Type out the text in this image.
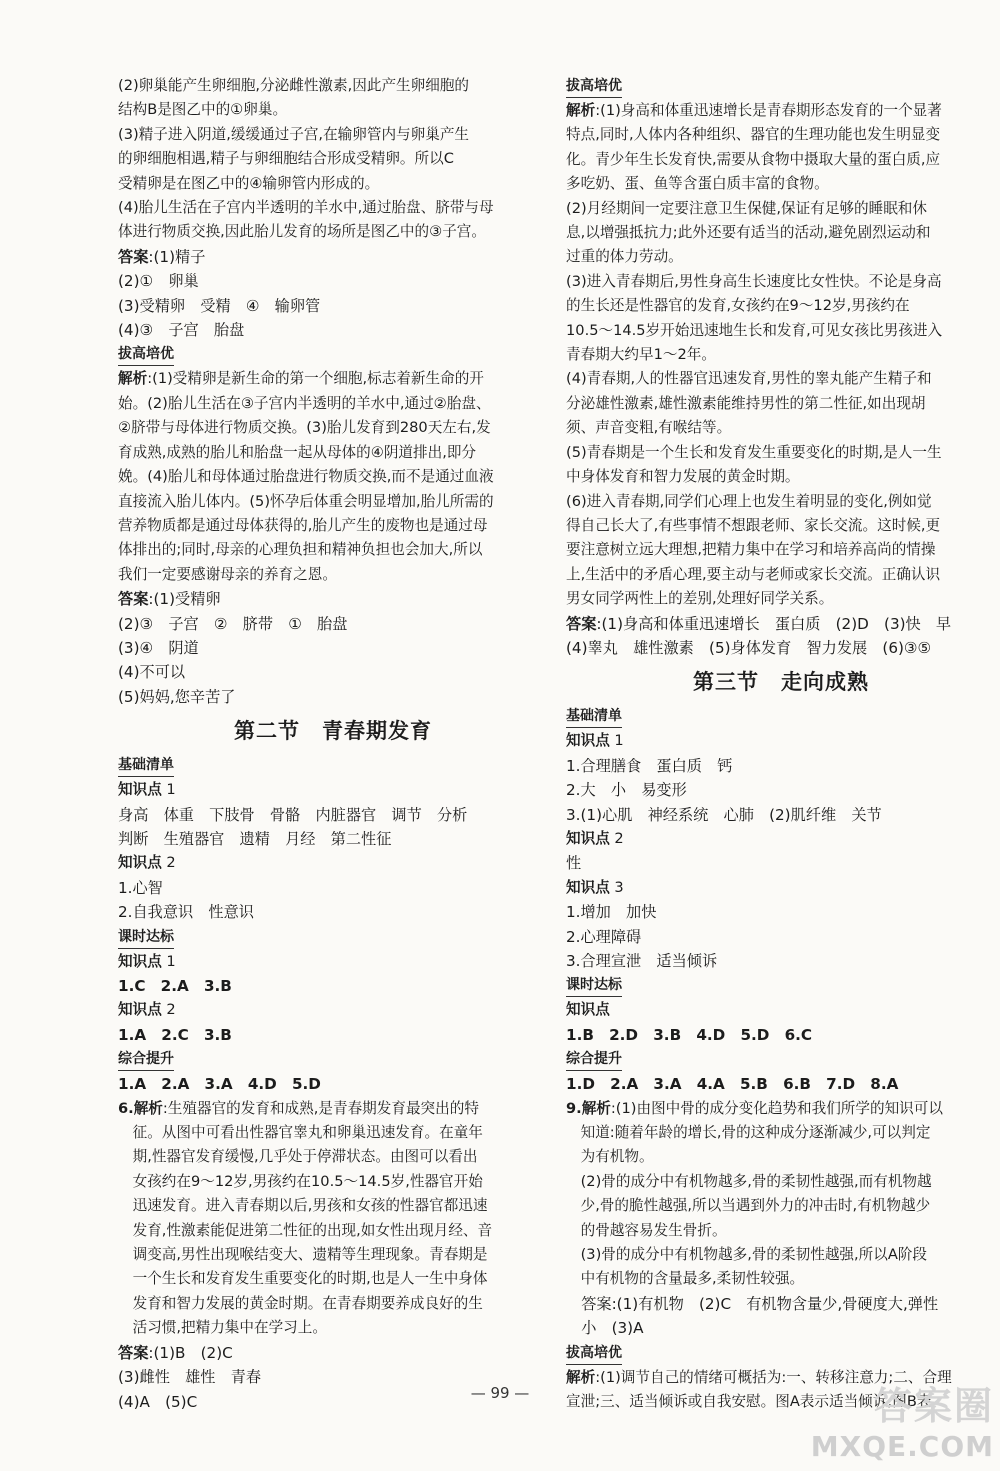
(2)卵巢能产生卵细胞,分泌雌性激素,因此产生卵细胞的
结构B是图乙中的①卵巢。
(3)精子进入阴道,缓缓通过子宫,在输卵管内与卵巢产生
的卵细胞相遇,精子与卵细胞结合形成受精卵。所以C
受精卵是在图乙中的④输卵管内形成的。
(4)胎儿生活在子宫内半透明的羊水中,通过胎盘、脐带与母
体进行物质交换,因此胎儿发育的场所是图乙中的③子宫。
答案:(1)精子
(2)①　卵巢
(3)受精卵　受精　④　输卵管
(4)③　子宫　胎盘
拔高培优
解析:(1)受精卵是新生命的第一个细胞,标志着新生命的开
始。(2)胎儿生活在③子宫内半透明的羊水中,通过②胎盘、
②脐带与母体进行物质交换。(3)胎儿发育到280天左右,发
育成熟,成熟的胎儿和胎盘一起从母体的④阴道排出,即分
娩。(4)胎儿和母体通过胎盘进行物质交换,而不是通过血液
直接流入胎儿体内。(5)怀孕后体重会明显增加,胎儿所需的
营养物质都是通过母体获得的,胎儿产生的废物也是通过母
体排出的;同时,母亲的心理负担和精神负担也会加大,所以
我们一定要感谢母亲的养育之恩。
答案:(1)受精卵
(2)③　子宫　②　脐带　①　胎盘
(3)④　阴道
(4)不可以
(5)妈妈,您辛苦了
第二节　青春期发育
基础清单
知识点 1
身高　体重　下肢骨　骨骼　内脏器官　调节　分析
判断　生殖器官　遗精　月经　第二性征
知识点 2
1.心智
2.自我意识　性意识
课时达标
知识点 1
1.C　2.A　3.B
知识点 2
1.A　2.C　3.B
综合提升
1.A　2.A　3.A　4.D　5.D
6.解析:生殖器官的发育和成熟,是青春期发育最突出的特
　征。从图中可看出性器官睾丸和卵巢迅速发育。在童年
　期,性器官发育缓慢,几乎处于停滞状态。由图可以看出
　女孩约在9～12岁,男孩约在10.5～14.5岁,性器官开始
　迅速发育。进入青春期以后,男孩和女孩的性器官都迅速
　发育,性激素能促进第二性征的出现,如女性出现月经、音
　调变高,男性出现喉结变大、遗精等生理现象。青春期是
　一个生长和发育发生重要变化的时期,也是人一生中身体
　发育和智力发展的黄金时期。在青春期要养成良好的生
　活习惯,把精力集中在学习上。
答案:(1)B　(2)C
(3)雌性　雄性　青春
(4)A　(5)C
拔高培优
解析:(1)身高和体重迅速增长是青春期形态发育的一个显著
特点,同时,人体内各种组织、器官的生理功能也发生明显变
化。青少年生长发育快,需要从食物中摄取大量的蛋白质,应
多吃奶、蛋、鱼等含蛋白质丰富的食物。
(2)月经期间一定要注意卫生保健,保证有足够的睡眠和休
息,以增强抵抗力;此外还要有适当的活动,避免剧烈运动和
过重的体力劳动。
(3)进入青春期后,男性身高生长速度比女性快。不论是身高
的生长还是性器官的发育,女孩约在9～12岁,男孩约在
10.5～14.5岁开始迅速地生长和发育,可见女孩比男孩进入
青春期大约早1～2年。
(4)青春期,人的性器官迅速发育,男性的睾丸能产生精子和
分泌雄性激素,雄性激素能维持男性的第二性征,如出现胡
须、声音变粗,有喉结等。
(5)青春期是一个生长和发育发生重要变化的时期,是人一生
中身体发育和智力发展的黄金时期。
(6)进入青春期,同学们心理上也发生着明显的变化,例如觉
得自己长大了,有些事情不想跟老师、家长交流。这时候,更
要注意树立远大理想,把精力集中在学习和培养高尚的情操
上,生活中的矛盾心理,要主动与老师或家长交流。正确认识
男女同学两性上的差别,处理好同学关系。
答案:(1)身高和体重迅速增长　蛋白质　(2)D　(3)快　早
(4)睾丸　雄性激素　(5)身体发育　智力发展　(6)③⑤
第三节　走向成熟
基础清单
知识点 1
1.合理膳食　蛋白质　钙
2.大　小　易变形
3.(1)心肌　神经系统　心肺　(2)肌纤维　关节
知识点 2
性
知识点 3
1.增加　加快
2.心理障碍
3.合理宣泄　适当倾诉
课时达标
知识点
1.B　2.D　3.B　4.D　5.D　6.C
综合提升
1.D　2.A　3.A　4.A　5.B　6.B　7.D　8.A
9.解析:(1)由图中骨的成分变化趋势和我们所学的知识可以
　知道:随着年龄的增长,骨的这种成分逐渐减少,可以判定
　为有机物。
　(2)骨的成分中有机物越多,骨的柔韧性越强,而有机物越
　少,骨的脆性越强,所以当遇到外力的冲击时,有机物越少
　的骨越容易发生骨折。
　(3)骨的成分中有机物越多,骨的柔韧性越强,所以A阶段
　中有机物的含量最多,柔韧性较强。
　答案:(1)有机物　(2)C　有机物含量少,骨硬度大,弹性
　小　(3)A
拔高培优
解析:(1)调节自己的情绪可概括为:一、转移注意力;二、合理
宣泄;三、适当倾诉或自我安慰。图A表示适当倾诉;图B表
— 99 —	答案圈
MXQE.COM
